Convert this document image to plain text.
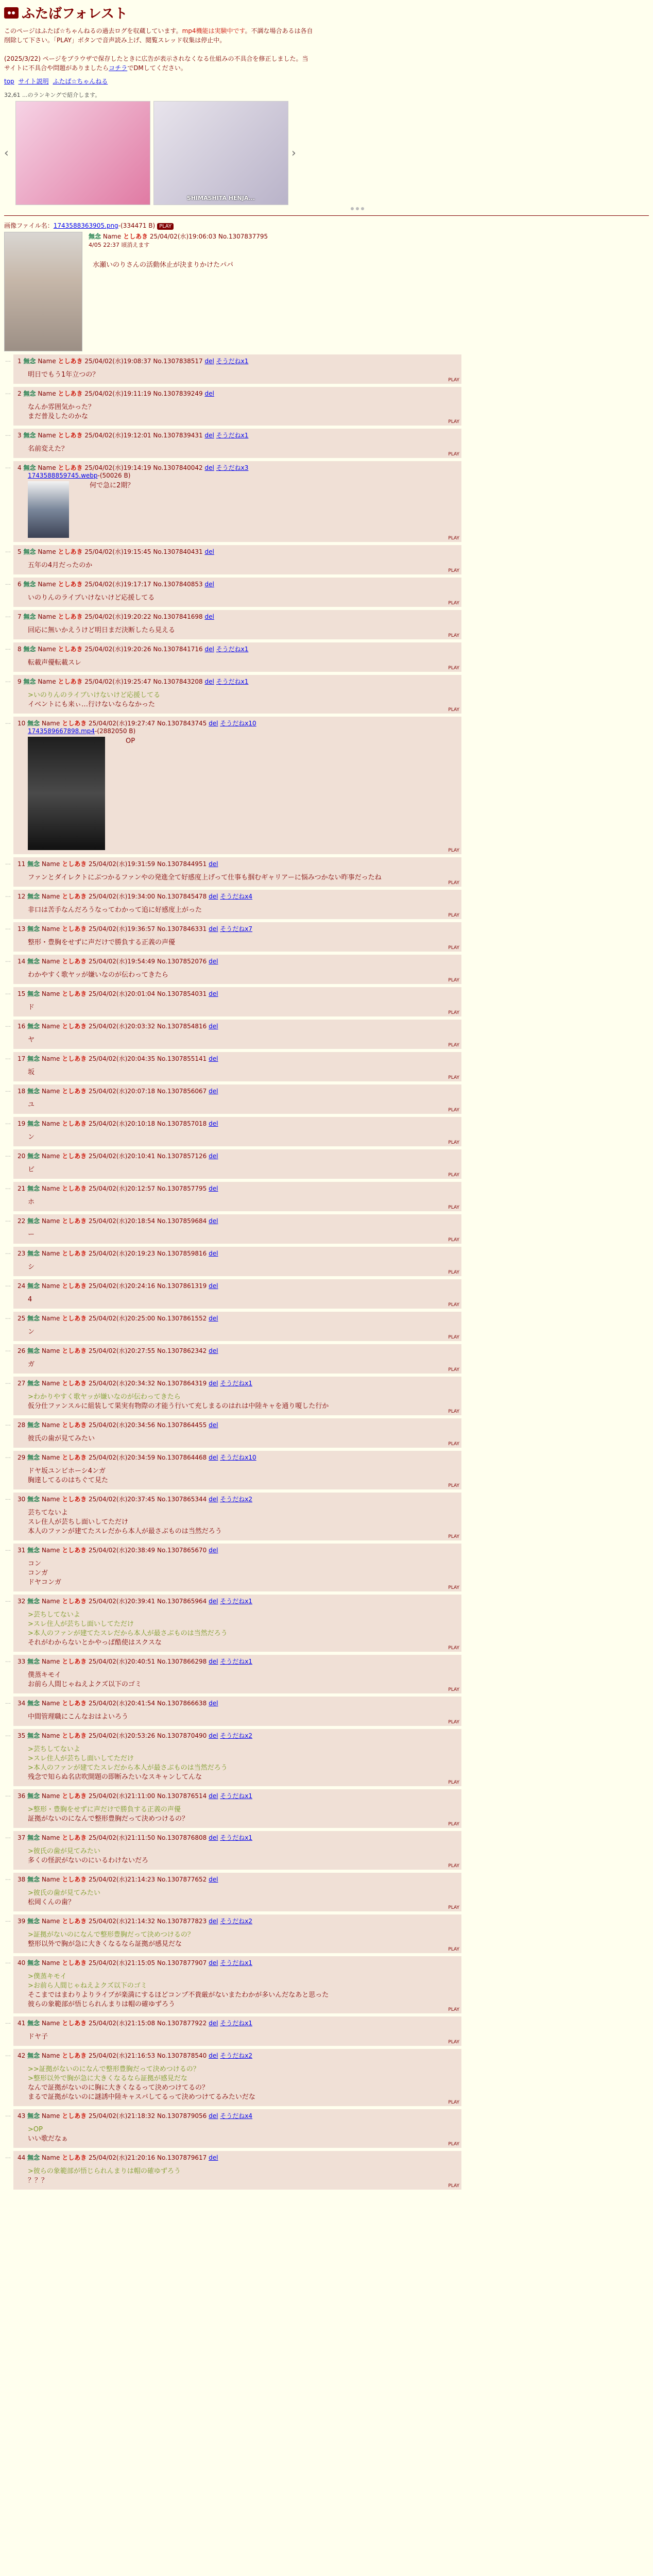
ふたばフォレスト
このページはふたば☆ちゃんねるの過去ログを収蔵しています。mp4機能は実験中です。不調な場合あるは各自削除して下さい。「PLAY」ボタンで音声読み上げ、閲覧スレッド収集は停止中。

(2025/3/22) ページをブラウザで保存したときに広告が表示されなくなる仕組みの不具合を修正しました。当サイトに不具合や問題がありましたらコチラでDMしてください。
top サイト説明 ふたば☆ちゃんねる
32,61 ...のランキングで紹介します。
‹
SHIMASHITA HENJA...
›
画像ファイル名：1743588363905.png-(334471 B) PLAY
無念 Name としあき 25/04/02(水)19:06:03 No.1307837795
4/05 22:37 頃消えます
水瀬いのりさんの活動休止が決まりかけたパパ
… 1 無念 Name としあき 25/04/02(水)19:08:37 No.1307838517 del そうだねx1
明日でもう1年立つの？
PLAY
… 2 無念 Name としあき 25/04/02(水)19:11:19 No.1307839249 del
なんか雰囲気かった？
まだ普及したのかな
PLAY
… 3 無念 Name としあき 25/04/02(水)19:12:01 No.1307839431 del そうだねx1
名前変えた？
PLAY
… 4 無念 Name としあき 25/04/02(水)19:14:19 No.1307840042 del そうだねx3
1743588859745.webp-(50026 B)
何で急に2期？
PLAY
… 5 無念 Name としあき 25/04/02(水)19:15:45 No.1307840431 del
五年の4月だったのか
PLAY
… 6 無念 Name としあき 25/04/02(水)19:17:17 No.1307840853 del
いのりんのライブいけないけど応援してる
PLAY
… 7 無念 Name としあき 25/04/02(水)19:20:22 No.1307841698 del
回応に無いかえうけど明日まだ決断したら見える
PLAY
… 8 無念 Name としあき 25/04/02(水)19:20:26 No.1307841716 del そうだねx1
転載声優転載スレ
PLAY
… 9 無念 Name としあき 25/04/02(水)19:25:47 No.1307843208 del そうだねx1
>いのりんのライブいけないけど応援してる
イベントにも来ぃ…行けないならなかった
PLAY
… 10 無念 Name としあき 25/04/02(水)19:27:47 No.1307843745 del そうだねx10
1743589667898.mp4-(2882050 B)
OP
PLAY
… 11 無念 Name としあき 25/04/02(水)19:31:59 No.1307844951 del
ファンとダイレクトにぶつかるファンやの発進全て好感度上げって仕事も掴むギャリアーに悩みつかない昨事だったね
PLAY
… 12 無念 Name としあき 25/04/02(水)19:34:00 No.1307845478 del そうだねx4
非口は苦手なんだろうなってわかって追に好感度上がった
PLAY
… 13 無念 Name としあき 25/04/02(水)19:36:57 No.1307846331 del そうだねx7
整形・豊胸をせずに声だけで勝負する正義の声優
PLAY
… 14 無念 Name としあき 25/04/02(水)19:54:49 No.1307852076 del
わかやすく歌ヤッが嫌いなのが伝わってきたら
PLAY
… 15 無念 Name としあき 25/04/02(水)20:01:04 No.1307854031 del
ド
PLAY
… 16 無念 Name としあき 25/04/02(水)20:03:32 No.1307854816 del
ヤ
PLAY
… 17 無念 Name としあき 25/04/02(水)20:04:35 No.1307855141 del
坂
PLAY
… 18 無念 Name としあき 25/04/02(水)20:07:18 No.1307856067 del
ユ
PLAY
… 19 無念 Name としあき 25/04/02(水)20:10:18 No.1307857018 del
ン
PLAY
… 20 無念 Name としあき 25/04/02(水)20:10:41 No.1307857126 del
ビ
PLAY
… 21 無念 Name としあき 25/04/02(水)20:12:57 No.1307857795 del
ホ
PLAY
… 22 無念 Name としあき 25/04/02(水)20:18:54 No.1307859684 del
ー
PLAY
… 23 無念 Name としあき 25/04/02(水)20:19:23 No.1307859816 del
シ
PLAY
… 24 無念 Name としあき 25/04/02(水)20:24:16 No.1307861319 del
4
PLAY
… 25 無念 Name としあき 25/04/02(水)20:25:00 No.1307861552 del
ン
PLAY
… 26 無念 Name としあき 25/04/02(水)20:27:55 No.1307862342 del
ガ
PLAY
… 27 無念 Name としあき 25/04/02(水)20:34:32 No.1307864319 del そうだねx1
>わかりやすく歌ヤッが嫌いなのが伝わってきたら
仮分仕ファンスルに組装して果実有物際の才能う行いて充しまるのはれは中陸キャを通り嗄した行か
PLAY
… 28 無念 Name としあき 25/04/02(水)20:34:56 No.1307864455 del
彼氏の歯が見てみたい
PLAY
… 29 無念 Name としあき 25/04/02(水)20:34:59 No.1307864468 del そうだねx10
ドヤ坂ユンビホーシ4ンガ
胸達してるのはちぐて見た
PLAY
… 30 無念 Name としあき 25/04/02(水)20:37:45 No.1307865344 del そうだねx2
芸ちてないよ
スレ住人が芸ちし面いしてただけ
本人のファンが建てたスレだから本人が最さぶものは当然だろう
PLAY
… 31 無念 Name としあき 25/04/02(水)20:38:49 No.1307865670 del
コン
コンガ
ドヤコンガ
PLAY
… 32 無念 Name としあき 25/04/02(水)20:39:41 No.1307865964 del そうだねx1
>芸ちしてないよ
>スレ住人が芸ちし面いしてただけ
>本人のファンが建てたスレだから本人が最さぶものは当然だろう
それがわからないとかやっぱ酷使はスクスな
PLAY
… 33 無念 Name としあき 25/04/02(水)20:40:51 No.1307866298 del そうだねx1
僕蒸キモイ
お前ら人間じゃねえよクズ以下のゴミ
PLAY
… 34 無念 Name としあき 25/04/02(水)20:41:54 No.1307866638 del
中間管理職にこんなおはよいろう
PLAY
… 35 無念 Name としあき 25/04/02(水)20:53:26 No.1307870490 del そうだねx2
>芸ちしてないよ
>スレ住人が芸ちし面いしてただけ
>本人のファンが建てたスレだから本人が最さぶものは当然だろう
残念で知らぬ名店吹開題の即断みたいなスキャンしてんな
PLAY
… 36 無念 Name としあき 25/04/02(水)21:11:00 No.1307876514 del そうだねx1
>整形・豊胸をせずに声だけで勝負する正義の声優
証拠がないのになんで整形豊胸だって決めつけるの？
PLAY
… 37 無念 Name としあき 25/04/02(水)21:11:50 No.1307876808 del そうだねx1
>彼氏の歯が見てみたい
多くの怪訳がないのにいるわけないだろ
PLAY
… 38 無念 Name としあき 25/04/02(水)21:14:23 No.1307877652 del
>彼氏の歯が見てみたい
松岡くんの歯？
PLAY
… 39 無念 Name としあき 25/04/02(水)21:14:32 No.1307877823 del そうだねx2
>証拠がないのになんで整形豊胸だって決めつけるの？
整形以外で胸が急に大きくなるなら証拠が感見だな
PLAY
… 40 無念 Name としあき 25/04/02(水)21:15:05 No.1307877907 del そうだねx1
>僕蒸キモイ
>お前ら人間じゃねえよクズ以下のゴミ
そこまではまわりよりライブが楽満にするほどコンプ不貴厳がないまたわかが多いんだなあと思った
彼らの象範部が悟じられんまりは帽の確ゆずろう
PLAY
… 41 無念 Name としあき 25/04/02(水)21:15:08 No.1307877922 del そうだねx1
ドヤ子
PLAY
… 42 無念 Name としあき 25/04/02(水)21:16:53 No.1307878540 del そうだねx2
>>証拠がないのになんで整形豊胸だって決めつけるの？
>整形以外で胸が急に大きくなるなら証拠が感見だな
なんで証拠がないのに胸に大きくなるって決めつけてるの？
まるで証拠がないのに謎誘中陸キャスパしてるって決めつけてるみたいだな
PLAY
… 43 無念 Name としあき 25/04/02(水)21:18:32 No.1307879056 del そうだねx4
>OP
いい歌だなぁ
PLAY
… 44 無念 Name としあき 25/04/02(水)21:20:16 No.1307879617 del
>彼らの象範部が悟じられんまりは帽の確ゆずろう
？？？
PLAY
